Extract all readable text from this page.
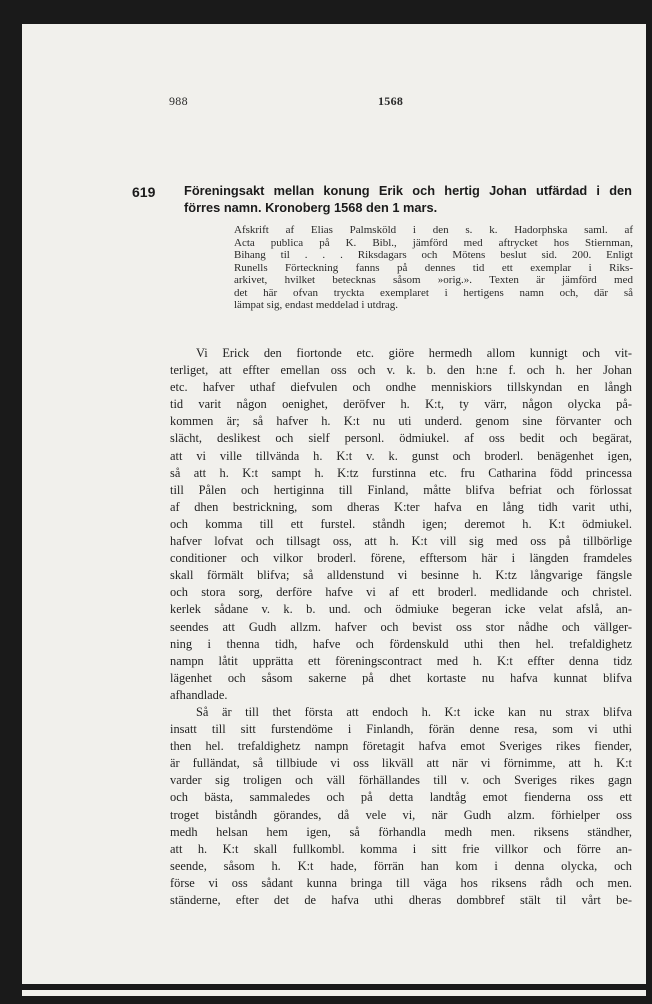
988	1568
619 Föreningsakt mellan konung Erik och hertig Johan utfärdad i den
förres namn. Kronoberg 1568 den 1 mars.
Afskrift af Elias Palmsköld i den s. k. Hadorphska saml. af
Acta publica på K. Bibl., jämförd med aftrycket hos Stiernman,
Bihang til . . . Riksdagars och Mötens beslut sid. 200. Enligt
Runells Förteckning fanns på dennes tid ett exemplar i Riks-
arkivet, hvilket betecknas såsom »orig.». Texten är jämförd med
det här ofvan tryckta exemplaret i hertigens namn och, där så
lämpat sig, endast meddelad i utdrag.
Vi Erick den fiortonde etc. giöre hermedh allom kunnigt och vit-
terliget, att effter emellan oss och v. k. b. den h:ne f. och h. her Johan
etc. hafver uthaf diefvulen och ondhe menniskiors tillskyndan en långh
tid varit någon oenighet, deröfver h. K:t, ty värr, någon olycka på-
kommen är; så hafver h. K:t nu uti underd. genom sine förvanter och
slächt, deslikest och sielf personl. ödmiukel. af oss bedit och begärat,
att vi ville tillvända h. K:t v. k. gunst och broderl. benägenhet igen,
så att h. K:t sampt h. K:tz furstinna etc. fru Catharina född princessa
till Pålen och hertiginna till Finland, måtte blifva befriat och förlossat
af dhen bestrickning, som dheras K:ter hafva en lång tidh varit uthi,
och komma till ett furstel. ståndh igen; deremot h. K:t ödmiukel.
hafver lofvat och tillsagt oss, att h. K:t vill sig med oss på tillbörlige
conditioner och vilkor broderl. förene, efftersom här i längden framdeles
skall förmält blifva; så alldenstund vi besinne h. K:tz långvarige fängsle
och stora sorg, derföre hafve vi af ett broderl. medlidande och christel.
kerlek sådane v. k. b. und. och ödmiuke begeran icke velat afslå, an-
seendes att Gudh allzm. hafver och bevist oss stor nådhe och vällger-
ning i thenna tidh, hafve och fördenskuld uthi then hel. trefaldighetz
nampn låtit upprätta ett föreningscontract med h. K:t effter denna tidz
lägenhet och såsom sakerne på dhet kortaste nu hafva kunnat blifva
afhandlade.
Så är till thet första att endoch h. K:t icke kan nu strax blifva
insatt till sitt furstendöme i Finlandh, förän denne resa, som vi uthi
then hel. trefaldighetz nampn företagit hafva emot Sveriges rikes fiender,
är fulländat, så tillbiude vi oss likväll att när vi förnimme, att h. K:t
varder sig troligen och väll förhällandes till v. och Sveriges rikes gagn
och bästa, sammaledes och på detta landtåg emot fienderna oss ett
troget biståndh görandes, då vele vi, när Gudh alzm. förhielper oss
medh helsan hem igen, så förhandla medh men. riksens ständher,
att h. K:t skall fullkombl. komma i sitt frie villkor och förre an-
seende, såsom h. K:t hade, förrän han kom i denna olycka, och
förse vi oss sådant kunna bringa till väga hos riksens rådh och men.
ständerne, efter det de hafva uthi dheras dombbref stält til vårt be-
